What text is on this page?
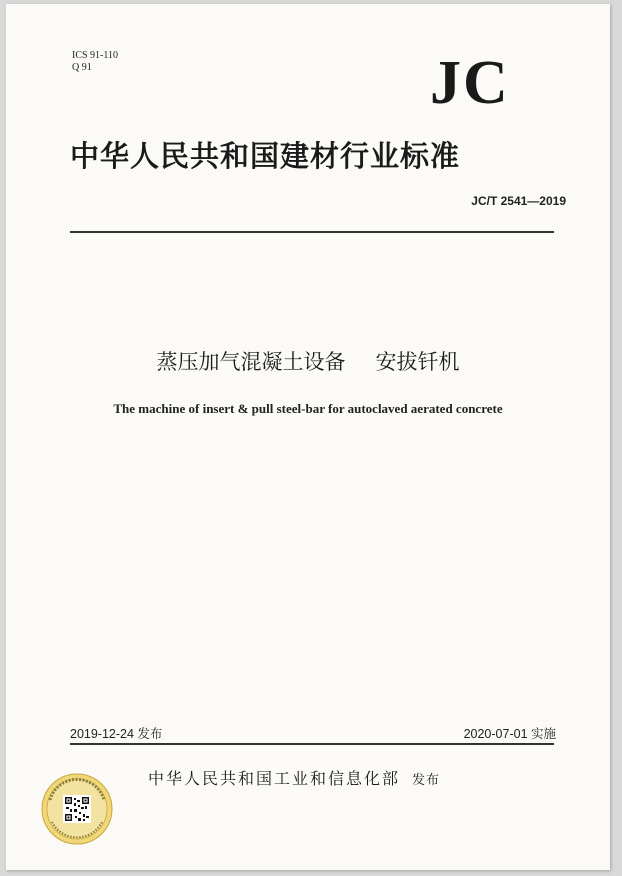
ICS 91-110
Q 91	JC
中华人民共和国建材行业标准
JC/T 2541—2019
蒸压加气混凝土设备 安拔钎机
The machine of insert & pull steel-bar for autoclaved aerated concrete
2019-12-24 发布	2020-07-01 实施
中华人民共和国工业和信息化部 发布
